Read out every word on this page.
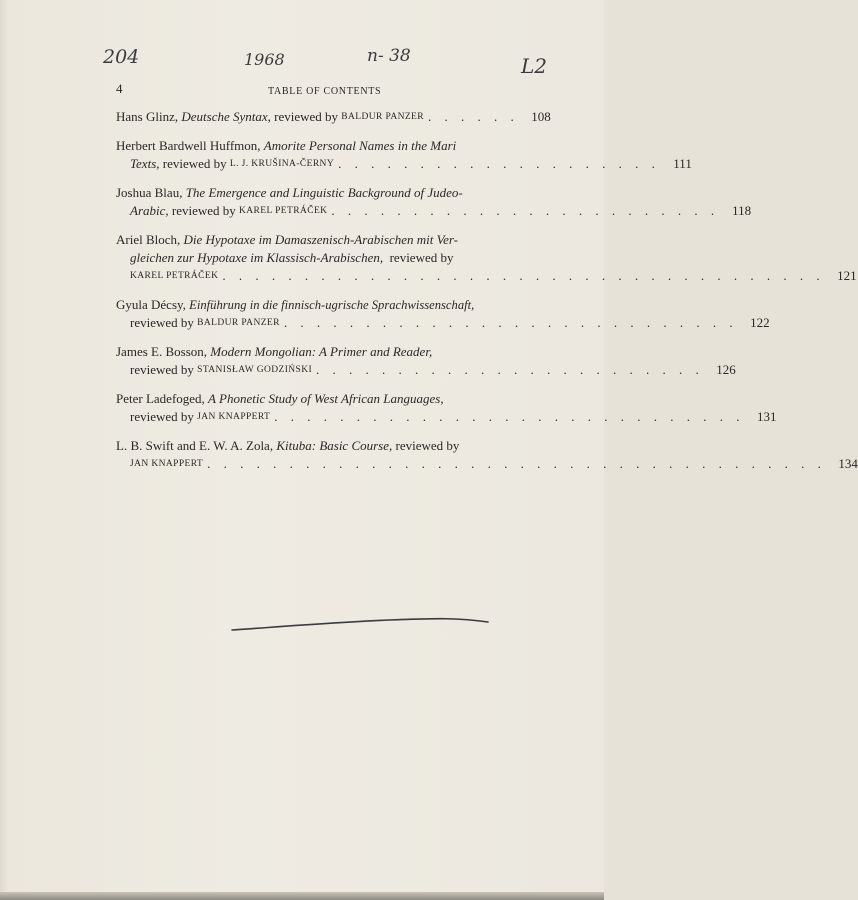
204	1968	n- 38	L2
4	TABLE OF CONTENTS
Hans Glinz,
Deutsche Syntax,
reviewed by
BALDUR PANZER . . . . . . 108
Herbert Bardwell Huffmon,
Amorite Personal Names in the Mari
Texts,
reviewed by
L. J. KRUŠINA-ČERNY . . . . . . . . . . . . . . . . . . . .	111
Joshua Blau,
The Emergence and Linguistic Background of Judeo-
Arabic,
reviewed by
KAREL PETRÁČEK . . . . . . . . . . . . . . . . . . . . . . . . 118
Ariel Bloch,
Die Hypotaxe im Damaszenisch-Arabischen mit Ver-
gleichen zur Hypotaxe im Klassisch-Arabischen,
reviewed by
KAREL PETRÁČEK . . . . . . . . . . . . . . . . . . . . . . . . . . . . . . . . . . . . . 121
Gyula Décsy,
Einführung in die finnisch-ugrische Sprachwissenschaft,
reviewed by
BALDUR PANZER . . . . . . . . . . . . . . . . . . . . . . . . . . . . 122
James E. Bosson,
Modern Mongolian: A Primer and Reader,
reviewed by
STANISŁAW GODZIŃSKI . . . . . . . . . . . . . . . . . . . . . . . . 126
Peter Ladefoged,
A Phonetic Study of West African Languages,
reviewed by
JAN KNAPPERT . . . . . . . . . . . . . . . . . . . . . . . . . . . . . 131
L. B. Swift and E. W. A. Zola,
Kituba: Basic Course,
reviewed by
JAN KNAPPERT . . . . . . . . . . . . . . . . . . . . . . . . . . . . . . . . . . . . . . 134
